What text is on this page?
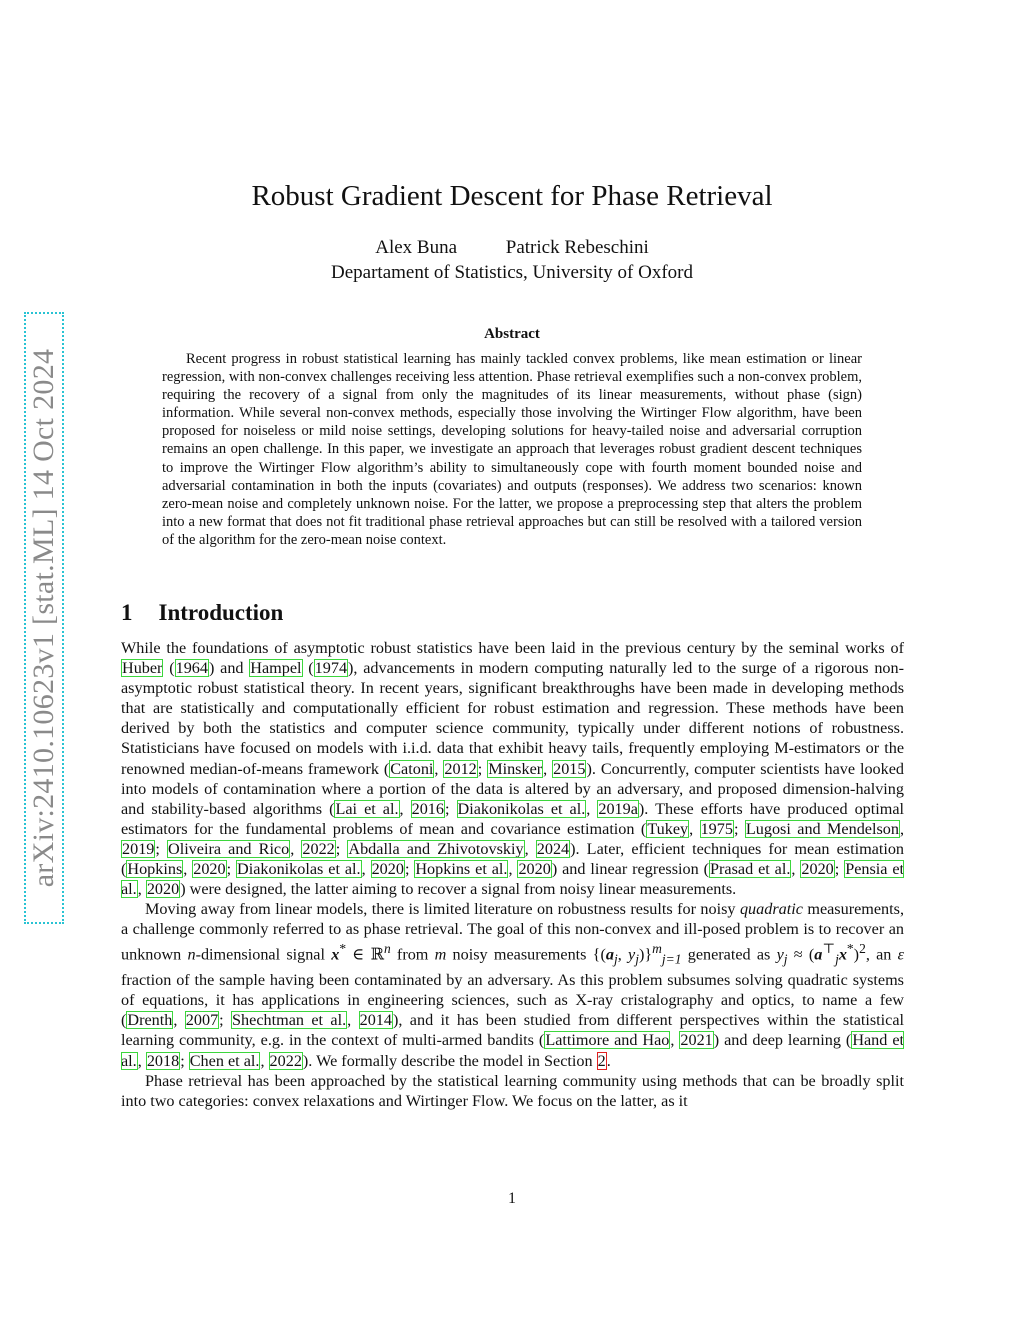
arXiv:2410.10623v1 [stat.ML] 14 Oct 2024
Robust Gradient Descent for Phase Retrieval
Alex Buna	Patrick Rebeschini
Departament of Statistics, University of Oxford
Abstract

Recent progress in robust statistical learning has mainly tackled convex problems, like mean estimation or linear regression, with non-convex challenges receiving less attention. Phase retrieval exemplifies such a non-convex problem, requiring the recovery of a signal from only the magnitudes of its linear measurements, without phase (sign) information. While several non-convex methods, especially those involving the Wirtinger Flow algorithm, have been proposed for noiseless or mild noise settings, developing solutions for heavy-tailed noise and adversarial corruption remains an open challenge. In this paper, we investigate an approach that leverages robust gradient descent techniques to improve the Wirtinger Flow algorithm’s ability to simultaneously cope with fourth moment bounded noise and adversarial contamination in both the inputs (covariates) and outputs (responses). We address two scenarios: known zero-mean noise and completely unknown noise. For the latter, we propose a preprocessing step that alters the problem into a new format that does not fit traditional phase retrieval approaches but can still be resolved with a tailored version of the algorithm for the zero-mean noise context.

1 Introduction

While the foundations of asymptotic robust statistics have been laid in the previous century by the seminal works of Huber (1964) and Hampel (1974), advancements in modern computing naturally led to the surge of a rigorous non-asymptotic robust statistical theory. In recent years, significant breakthroughs have been made in developing methods that are statistically and computationally efficient for robust estimation and regression. These methods have been derived by both the statistics and computer science community, typically under different notions of robustness. Statisticians have focused on models with i.i.d. data that exhibit heavy tails, frequently employing M-estimators or the renowned median-of-means framework (Catoni, 2012; Minsker, 2015). Concurrently, computer scientists have looked into models of contamination where a portion of the data is altered by an adversary, and proposed dimension-halving and stability-based algorithms (Lai et al., 2016; Diakonikolas et al., 2019a). These efforts have produced optimal estimators for the fundamental problems of mean and covariance estimation (Tukey, 1975; Lugosi and Mendelson, 2019; Oliveira and Rico, 2022; Abdalla and Zhivotovskiy, 2024). Later, efficient techniques for mean estimation (Hopkins, 2020; Diakonikolas et al., 2020; Hopkins et al., 2020) and linear regression (Prasad et al., 2020; Pensia et al., 2020) were designed, the latter aiming to recover a signal from noisy linear measurements.

Moving away from linear models, there is limited literature on robustness results for noisy quadratic measurements, a challenge commonly referred to as phase retrieval. The goal of this non-convex and ill-posed problem is to recover an unknown n-dimensional signal x* ∈ ℝ$^n$ from m noisy measurements {($a_j$, $y_j)\}^m_{j=1}$ generated as $y_j \approx (a^⊤_jx^*)^2$, an ε fraction of the sample having been contaminated by an adversary. As this problem subsumes solving quadratic systems of equations, it has applications in engineering sciences, such as X-ray cristalography and optics, to name a few (Drenth, 2007; Shechtman et al., 2014), and it has been studied from different perspectives within the statistical learning community, e.g. in the context of multi-armed bandits (Lattimore and Hao, 2021) and deep learning (Hand et al., 2018; Chen et al., 2022). We formally describe the model in Section 2.

Phase retrieval has been approached by the statistical learning community using methods that can be broadly split into two categories: convex relaxations and Wirtinger Flow. We focus on the latter, as it

1
